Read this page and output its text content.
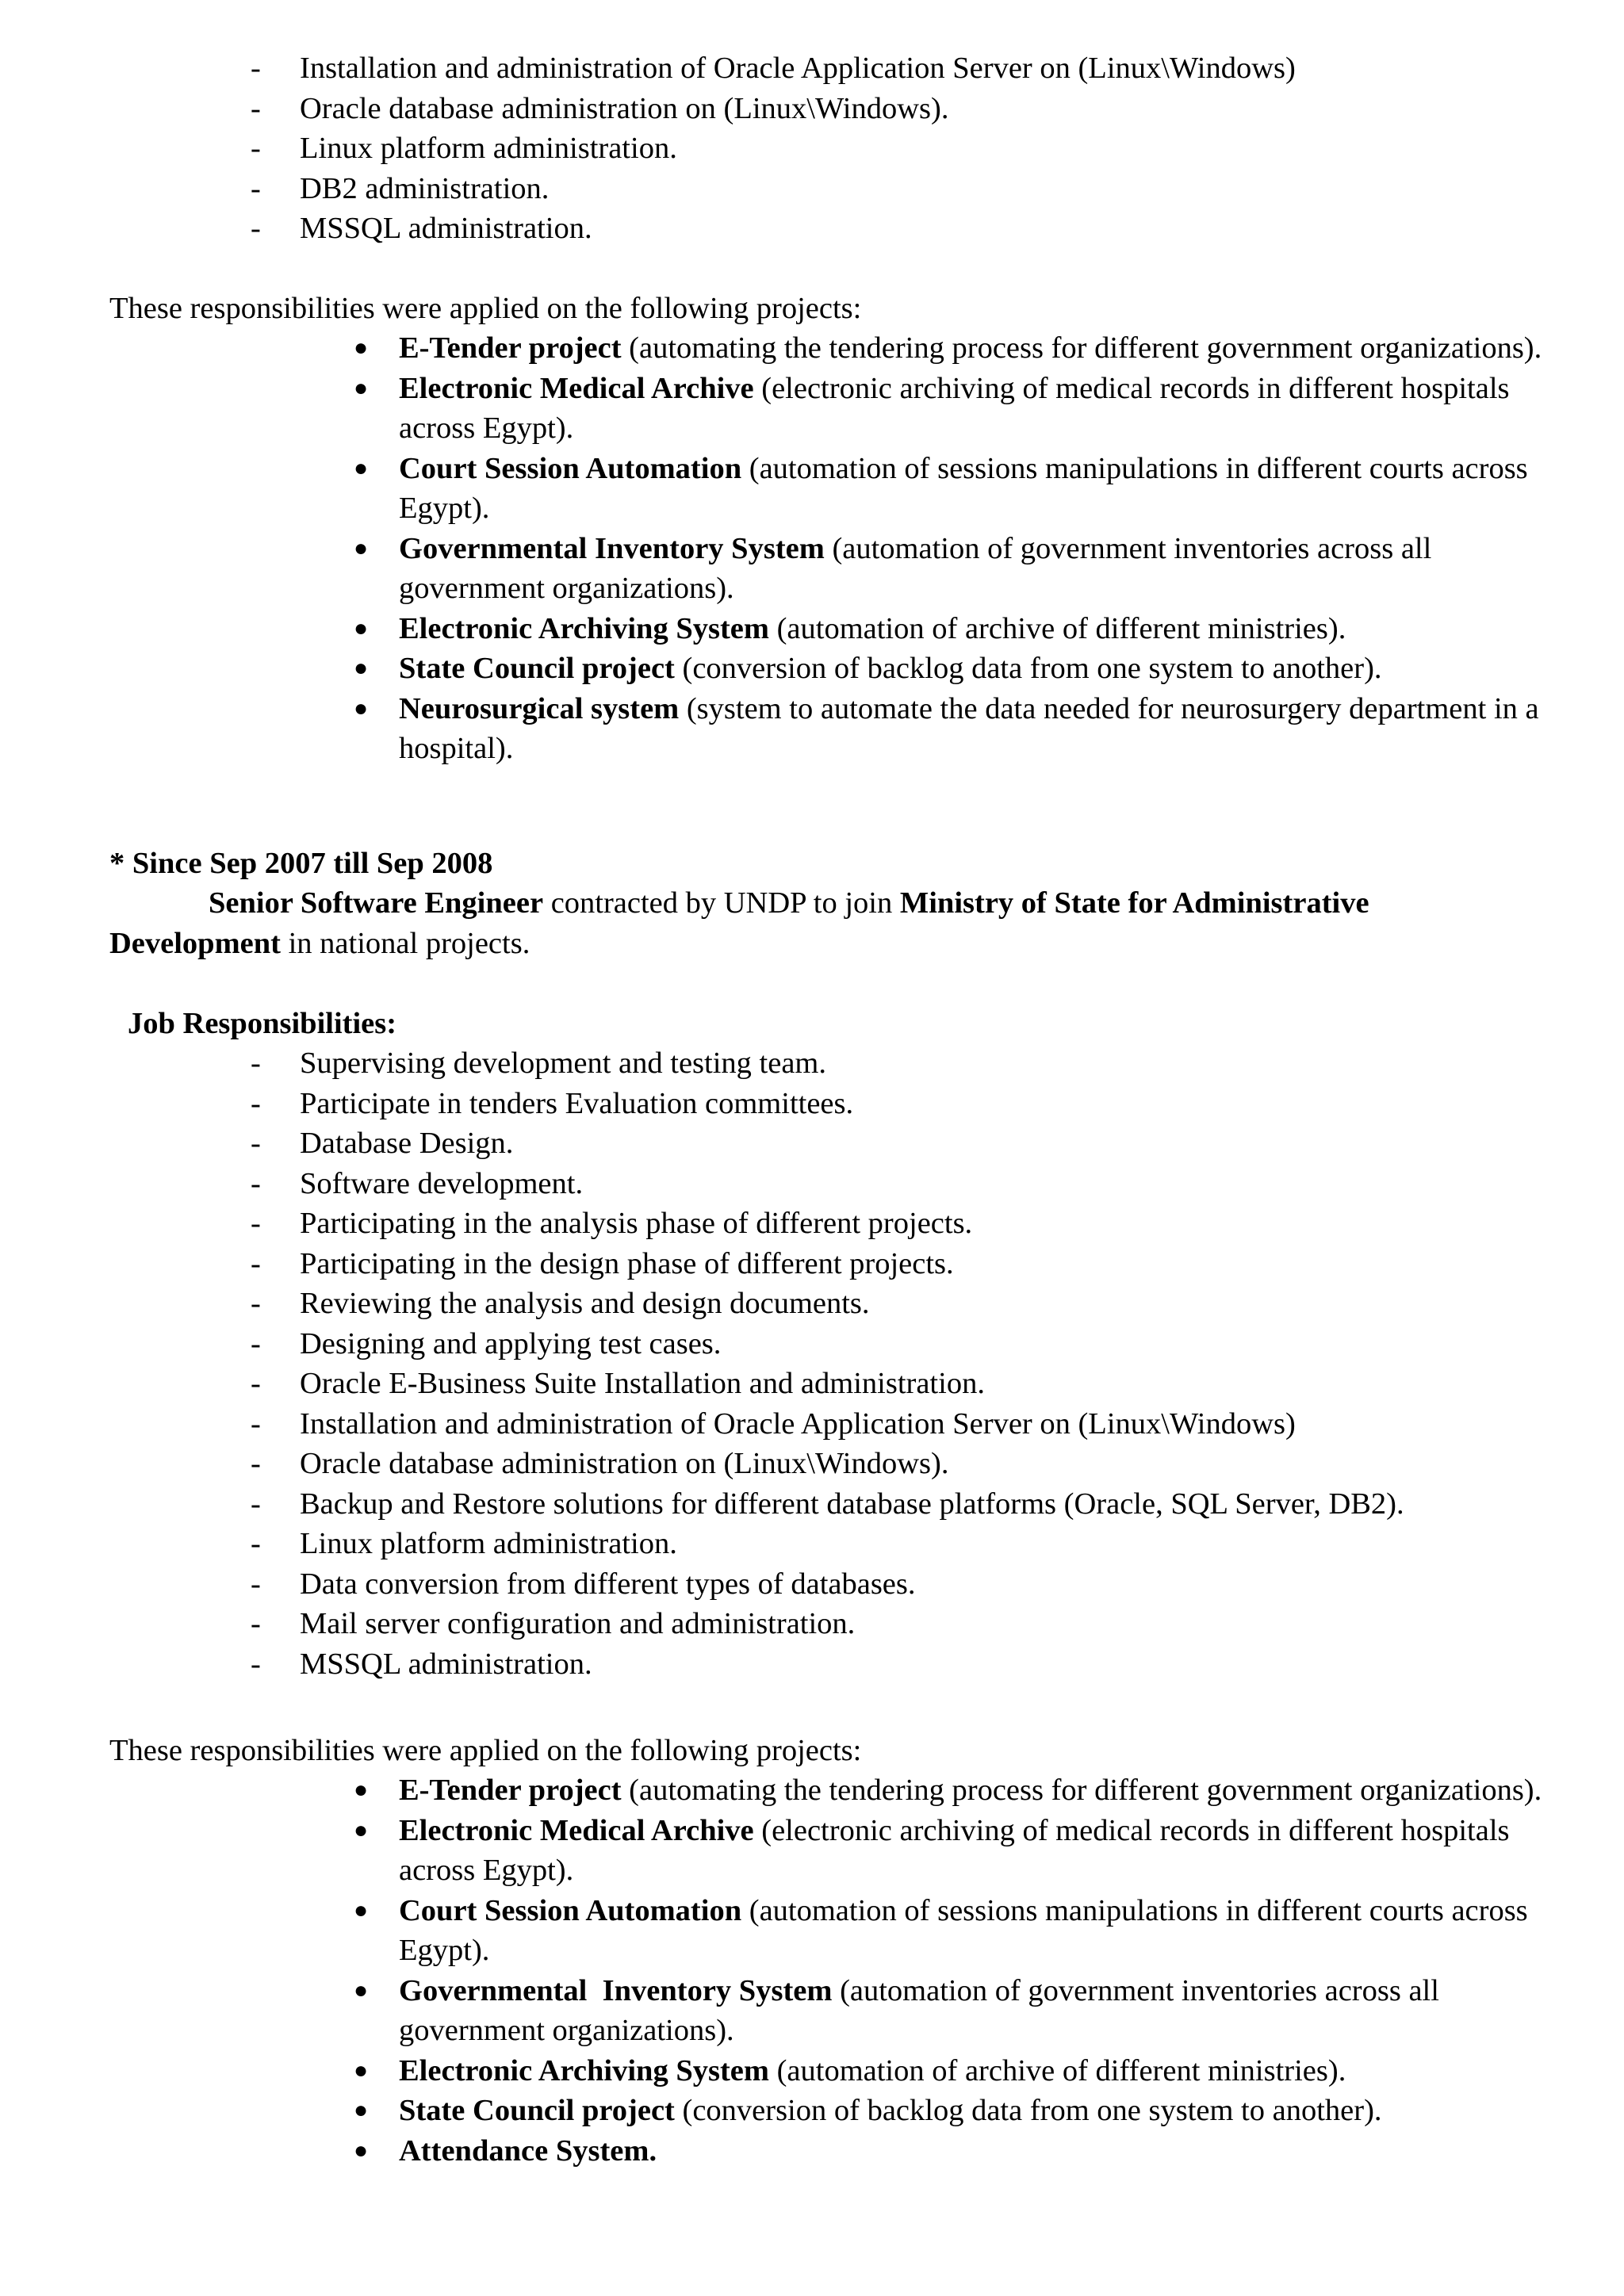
- Installation and administration of Oracle Application Server on (Linux\Windows)
- Oracle database administration on (Linux\Windows).
- Linux platform administration.
- DB2 administration.
- MSSQL administration.

These responsibilities were applied on the following projects:

● E-Tender project (automating the tendering process for different government organizations).
● Electronic Medical Archive (electronic archiving of medical records in different hospitals across Egypt).
● Court Session Automation (automation of sessions manipulations in different courts across Egypt).
● Governmental Inventory System (automation of government inventories across all government organizations).
● Electronic Archiving System (automation of archive of different ministries).
● State Council project (conversion of backlog data from one system to another).
● Neurosurgical system (system to automate the data needed for neurosurgery department in a hospital).

* Since Sep 2007 till Sep 2008

Senior Software Engineer contracted by UNDP to join Ministry of State for Administrative Development in national projects.

Job Responsibilities:

- Supervising development and testing team.
- Participate in tenders Evaluation committees.
- Database Design.
- Software development.
- Participating in the analysis phase of different projects.
- Participating in the design phase of different projects.
- Reviewing the analysis and design documents.
- Designing and applying test cases.
- Oracle E-Business Suite Installation and administration.
- Installation and administration of Oracle Application Server on (Linux\Windows)
- Oracle database administration on (Linux\Windows).
- Backup and Restore solutions for different database platforms (Oracle, SQL Server, DB2).
- Linux platform administration.
- Data conversion from different types of databases.
- Mail server configuration and administration.
- MSSQL administration.

These responsibilities were applied on the following projects:

● E-Tender project (automating the tendering process for different government organizations).
● Electronic Medical Archive (electronic archiving of medical records in different hospitals across Egypt).
● Court Session Automation (automation of sessions manipulations in different courts across Egypt).
● Governmental  Inventory System (automation of government inventories across all government organizations).
● Electronic Archiving System (automation of archive of different ministries).
● State Council project (conversion of backlog data from one system to another).
● Attendance System.
